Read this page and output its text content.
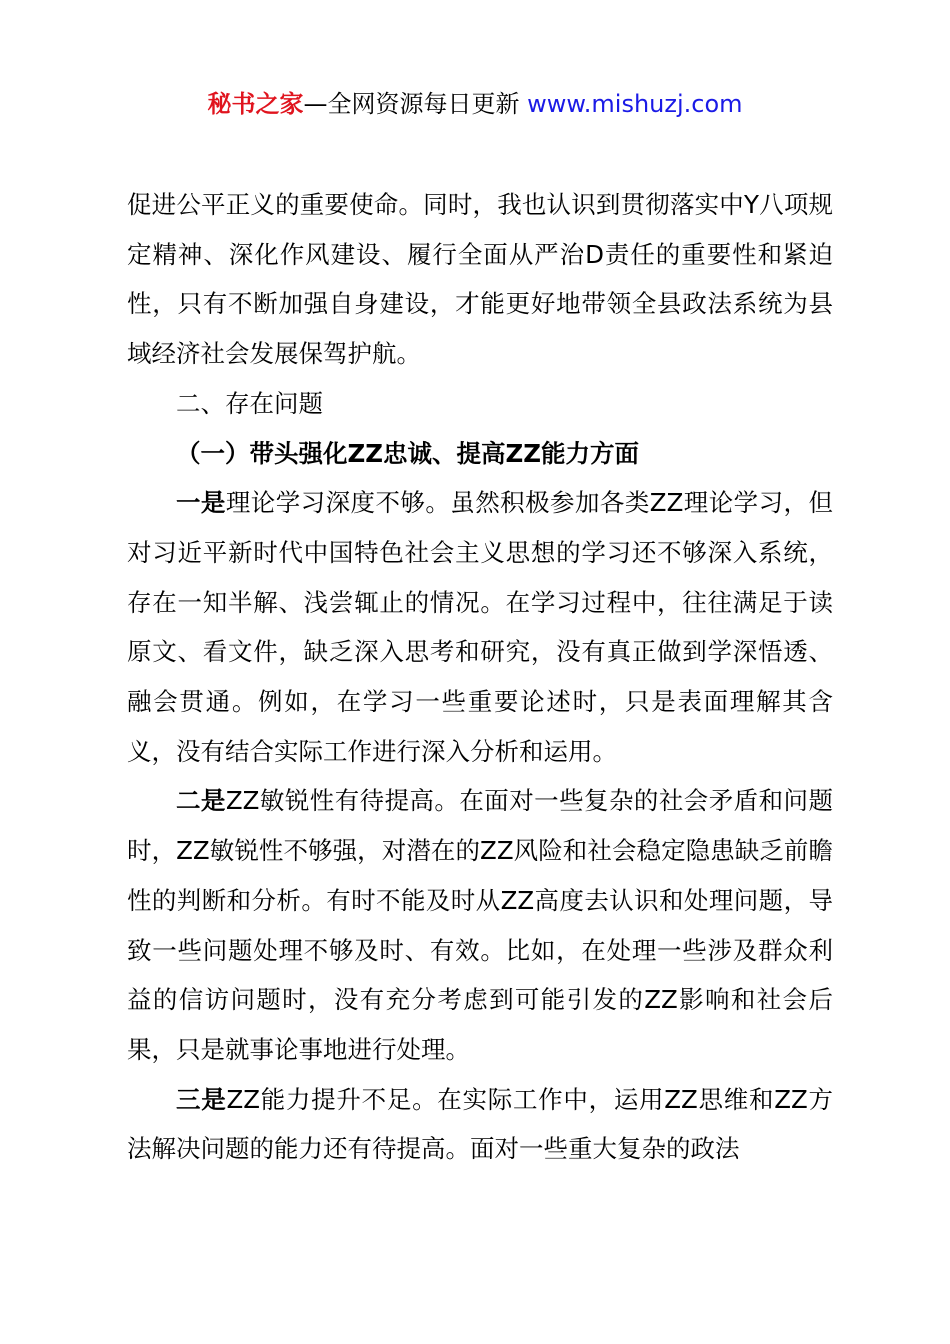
秘书之家—全网资源每日更新 www.mishuzj.com

促进公平正义的重要使命。同时，我也认识到贯彻落实中Y八项规定精神、深化作风建设、履行全面从严治D责任的重要性和紧迫性，只有不断加强自身建设，才能更好地带领全县政法系统为县域经济社会发展保驾护航。

二、存在问题

（一）带头强化ZZ忠诚、提高ZZ能力方面

一是理论学习深度不够。虽然积极参加各类ZZ理论学习，但对习近平新时代中国特色社会主义思想的学习还不够深入系统，存在一知半解、浅尝辄止的情况。在学习过程中，往往满足于读原文、看文件，缺乏深入思考和研究，没有真正做到学深悟透、融会贯通。例如，在学习一些重要论述时，只是表面理解其含义，没有结合实际工作进行深入分析和运用。

二是ZZ敏锐性有待提高。在面对一些复杂的社会矛盾和问题时，ZZ敏锐性不够强，对潜在的ZZ风险和社会稳定隐患缺乏前瞻性的判断和分析。有时不能及时从ZZ高度去认识和处理问题，导致一些问题处理不够及时、有效。比如，在处理一些涉及群众利益的信访问题时，没有充分考虑到可能引发的ZZ影响和社会后果，只是就事论事地进行处理。

三是ZZ能力提升不足。在实际工作中，运用ZZ思维和ZZ方法解决问题的能力还有待提高。面对一些重大复杂的政法
